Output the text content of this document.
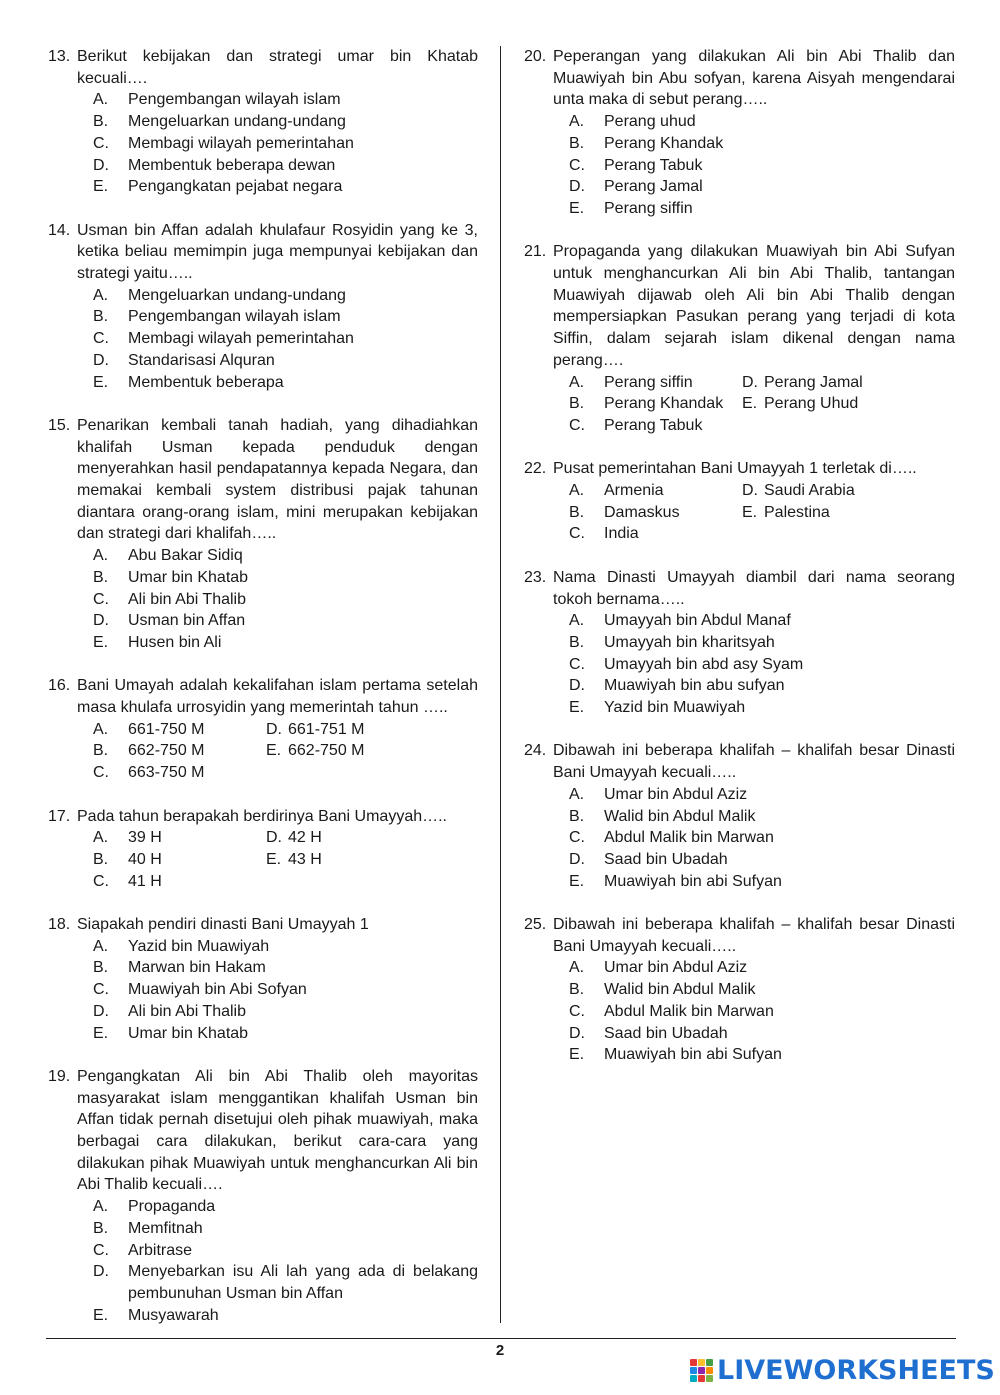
13. Berikut kebijakan dan strategi umar bin Khatab kecuali….
A.	Pengembangan wilayah islam
B.	Mengeluarkan undang-undang
C.	Membagi wilayah pemerintahan
D.	Membentuk beberapa dewan
E.	Pengangkatan pejabat negara
14. Usman bin Affan adalah khulafaur Rosyidin yang ke 3, ketika beliau memimpin juga mempunyai kebijakan dan strategi yaitu…..
A.	Mengeluarkan undang-undang
B.	Pengembangan wilayah islam
C.	Membagi wilayah pemerintahan
D.	Standarisasi Alquran
E.	Membentuk beberapa
15. Penarikan kembali tanah hadiah, yang dihadiahkan khalifah Usman kepada penduduk dengan menyerahkan hasil pendapatannya kepada Negara, dan memakai kembali system distribusi pajak tahunan diantara orang-orang islam, mini merupakan kebijakan dan strategi dari khalifah…..
A.	Abu Bakar Sidiq
B.	Umar bin Khatab
C.	Ali bin Abi Thalib
D.	Usman bin Affan
E.	Husen bin Ali
16. Bani Umayah adalah kekalifahan islam pertama setelah masa khulafa urrosyidin yang memerintah tahun …..
A.	661-750 M	D. 661-751 M
B.	662-750 M	E. 662-750 M
C.	663-750 M
17. Pada tahun berapakah berdirinya Bani Umayyah…..
A.	39 H	D. 42 H
B.	40 H	E. 43 H
C.	41 H
18. Siapakah pendiri dinasti Bani Umayyah 1
A.	Yazid bin Muawiyah
B.	Marwan bin Hakam
C.	Muawiyah bin Abi Sofyan
D.	Ali bin Abi Thalib
E.	Umar bin Khatab
19. Pengangkatan Ali bin Abi Thalib oleh mayoritas masyarakat islam menggantikan khalifah Usman bin Affan tidak pernah disetujui oleh pihak muawiyah, maka berbagai cara dilakukan, berikut cara-cara yang dilakukan pihak Muawiyah untuk menghancurkan Ali bin Abi Thalib kecuali….
A.	Propaganda
B.	Memfitnah
C.	Arbitrase
D.	Menyebarkan isu Ali lah yang ada di belakang pembunuhan Usman bin Affan
E.	Musyawarah
20. Peperangan yang dilakukan Ali bin Abi Thalib dan Muawiyah bin Abu sofyan, karena Aisyah mengendarai unta maka di sebut perang…..
A.	Perang uhud
B.	Perang Khandak
C.	Perang Tabuk
D.	Perang Jamal
E.	Perang siffin
21. Propaganda yang dilakukan Muawiyah bin Abi Sufyan untuk menghancurkan Ali bin Abi Thalib, tantangan Muawiyah dijawab oleh Ali bin Abi Thalib dengan mempersiapkan Pasukan perang yang terjadi di kota Siffin, dalam sejarah islam dikenal dengan nama perang….
A.	Perang siffin	D. Perang Jamal
B.	Perang Khandak	E. Perang Uhud
C.	Perang Tabuk
22. Pusat pemerintahan Bani Umayyah 1 terletak di…..
A.	Armenia	D. Saudi Arabia
B.	Damaskus	E. Palestina
C.	India
23. Nama Dinasti Umayyah diambil dari nama seorang tokoh bernama…..
A.	Umayyah bin Abdul Manaf
B.	Umayyah bin kharitsyah
C.	Umayyah bin abd asy Syam
D.	Muawiyah bin abu sufyan
E.	Yazid bin Muawiyah
24. Dibawah ini beberapa khalifah – khalifah besar Dinasti Bani Umayyah kecuali…..
A.	Umar bin Abdul Aziz
B.	Walid bin Abdul Malik
C.	Abdul Malik bin Marwan
D.	Saad bin Ubadah
E.	Muawiyah bin abi Sufyan
25. Dibawah ini beberapa khalifah – khalifah besar Dinasti Bani Umayyah kecuali…..
A.	Umar bin Abdul Aziz
B.	Walid bin Abdul Malik
C.	Abdul Malik bin Marwan
D.	Saad bin Ubadah
E.	Muawiyah bin abi Sufyan
2
LIVEWORKSHEETS
